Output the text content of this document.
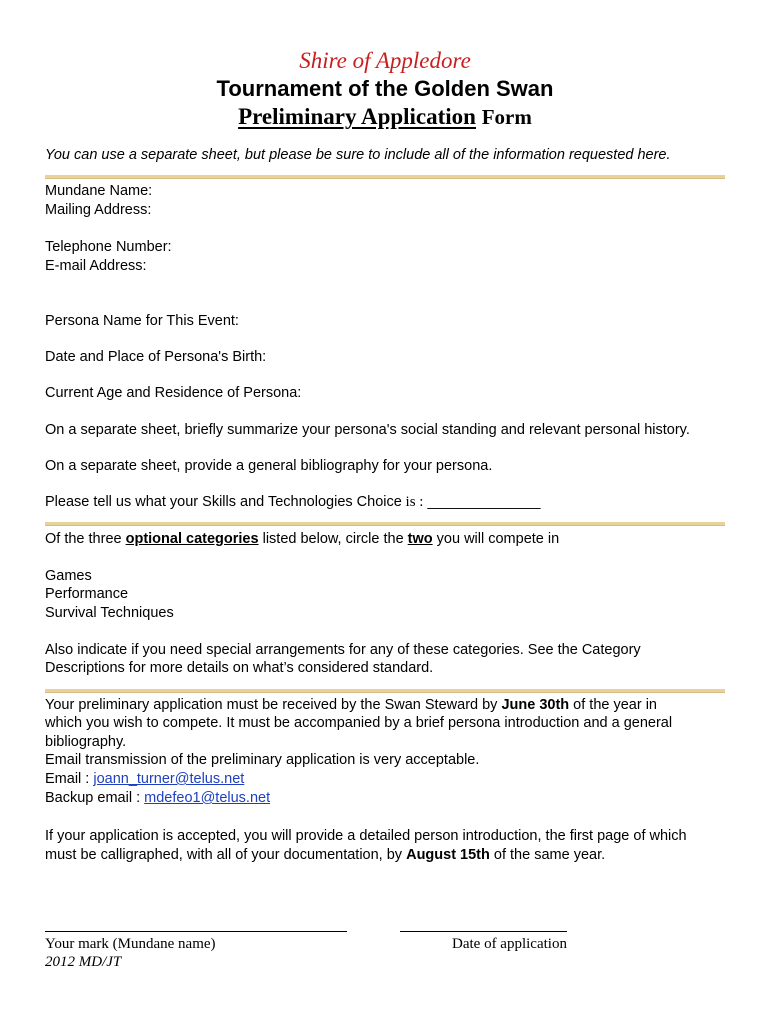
Shire of Appledore
Tournament of the Golden Swan
Preliminary Application Form
You can use a separate sheet, but please be sure to include all of the information requested here.
Mundane Name:
Mailing Address:
Telephone Number:
E-mail Address:
Persona Name for This Event:
Date and Place of Persona's Birth:
Current Age and Residence of Persona:
On a separate sheet, briefly summarize your persona's social standing and relevant personal history.
On a separate sheet, provide a general bibliography for your persona.
Please tell us what your Skills and Technologies Choice is : ______________
Of the three optional categories listed below, circle the two you will compete in
Games
Performance
Survival Techniques
Also indicate if you need special arrangements for any of these categories. See the Category
Descriptions for more details on what’s considered standard.
Your preliminary application must be received by the Swan Steward by June 30th of the year in
which you wish to compete. It must be accompanied by a brief persona introduction and a general
bibliography.
Email transmission of the preliminary application is very acceptable.
Email : joann_turner@telus.net
Backup email : mdefeo1@telus.net
If your application is accepted, you will provide a detailed person introduction, the first page of which
must be calligraphed, with all of your documentation, by August 15th of the same year.
Your mark (Mundane name)	Date of application
2012 MD/JT
